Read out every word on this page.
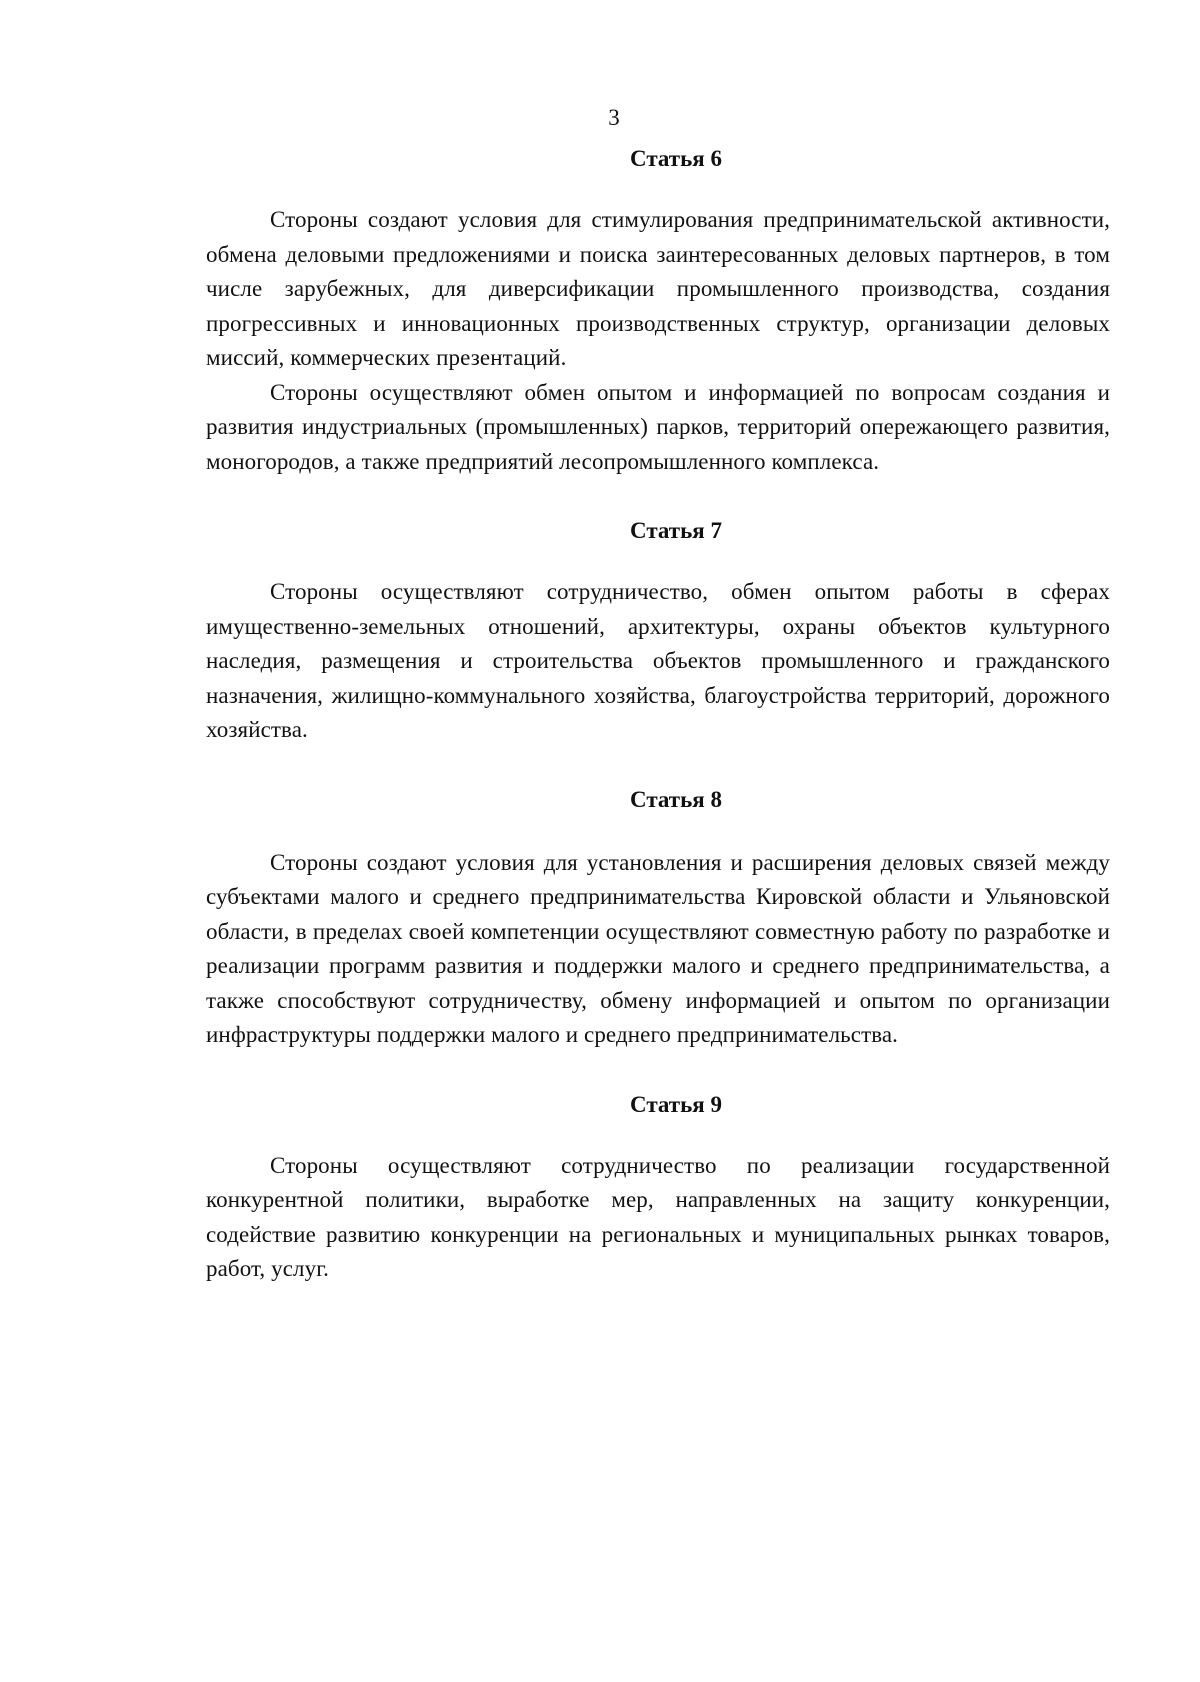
3
Статья 6

Стороны создают условия для стимулирования предпринимательской активности, обмена деловыми предложениями и поиска заинтересованных деловых партнеров, в том числе зарубежных, для диверсификации промышленного производства, создания прогрессивных и инновационных производственных структур, организации деловых миссий, коммерческих презентаций.

Стороны осуществляют обмен опытом и информацией по вопросам создания и развития индустриальных (промышленных) парков, территорий опережающего развития, моногородов, а также предприятий лесопромышленного комплекса.

Статья 7

Стороны осуществляют сотрудничество, обмен опытом работы в сферах имущественно-земельных отношений, архитектуры, охраны объектов культурного наследия, размещения и строительства объектов промышленного и гражданского назначения, жилищно-коммунального хозяйства, благоустройства территорий, дорожного хозяйства.

Статья 8

Стороны создают условия для установления и расширения деловых связей между субъектами малого и среднего предпринимательства Кировской области и Ульяновской области, в пределах своей компетенции осуществляют совместную работу по разработке и реализации программ развития и поддержки малого и среднего предпринимательства, а также способствуют сотрудничеству, обмену информацией и опытом по организации инфраструктуры поддержки малого и среднего предпринимательства.

Статья 9

Стороны осуществляют сотрудничество по реализации государственной конкурентной политики, выработке мер, направленных на защиту конкуренции, содействие развитию конкуренции на региональных и муниципальных рынках товаров, работ, услуг.
